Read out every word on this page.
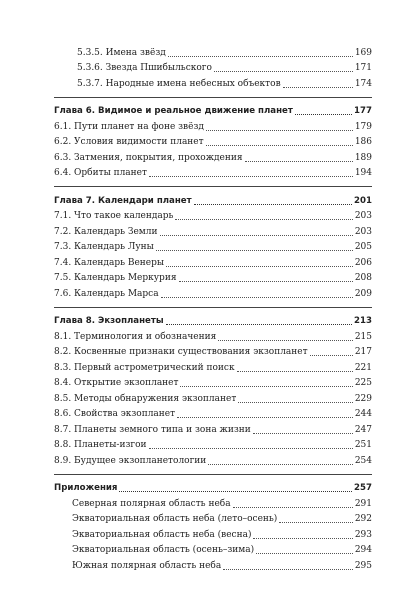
5.3.5. Имена звёзд	169
5.3.6. Звезда Пшибыльского	171
5.3.7. Народные имена небесных объектов	174
Глава 6. Видимое и реальное движение планет	177
6.1. Пути планет на фоне звёзд	179
6.2. Условия видимости планет	186
6.3. Затмения, покрытия, прохождения	189
6.4. Орбиты планет	194
Глава 7. Календари планет	201
7.1. Что такое календарь	203
7.2. Календарь Земли	203
7.3. Календарь Луны	205
7.4. Календарь Венеры	206
7.5. Календарь Меркурия	208
7.6. Календарь Марса	209
Глава 8. Экзопланеты	213
8.1. Терминология и обозначения	215
8.2. Косвенные признаки существования экзопланет	217
8.3. Первый астрометрический поиск	221
8.4. Открытие экзопланет	225
8.5. Методы обнаружения экзопланет	229
8.6. Свойства экзопланет	244
8.7. Планеты земного типа и зона жизни	247
8.8. Планеты-изгои	251
8.9. Будущее экзопланетологии	254
Приложения	257
Северная полярная область неба	291
Экваториальная область неба (лето–осень)	292
Экваториальная область неба (весна)	293
Экваториальная область (осень–зима)	294
Южная полярная область неба	295
